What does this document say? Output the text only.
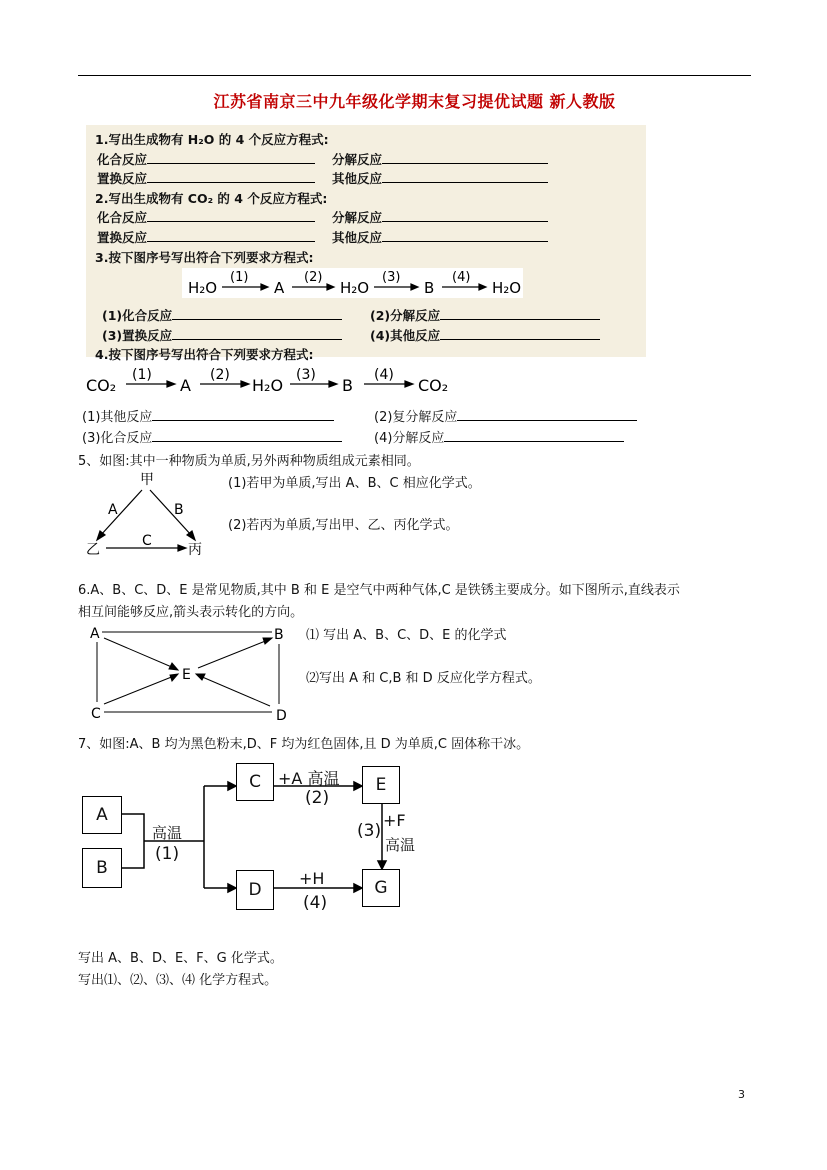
江苏省南京三中九年级化学期末复习提优试题 新人教版
1.写出生成物有 H₂O 的 4 个反应方程式:
化合反应	分解反应
置换反应	其他反应
2.写出生成物有 CO₂ 的 4 个反应方程式:
化合反应	分解反应
置换反应	其他反应
3.按下图序号写出符合下列要求方程式:
H₂O	A	H₂O	B	H₂O
(1)	(2)	(3)	(4)
(1)化合反应	(2)分解反应
(3)置换反应	(4)其他反应
4.按下图序号写出符合下列要求方程式:
CO₂	A	H₂O	B	CO₂
(1)	(2)	(3)	(4)
(1)其他反应	(2)复分解反应
(3)化合反应	(4)分解反应
5、如图:其中一种物质为单质,另外两种物质组成元素相同。
甲
乙	丙
A	B
C
(1)若甲为单质,写出 A、B、C 相应化学式。
(2)若丙为单质,写出甲、乙、丙化学式。
6.A、B、C、D、E 是常见物质,其中 B 和 E 是空气中两种气体,C 是铁锈主要成分。如下图所示,直线表示
相互间能够反应,箭头表示转化的方向。
A	B
C	D
E
⑴ 写出 A、B、C、D、E 的化学式
⑵写出 A 和 C,B 和 D 反应化学方程式。
7、如图:A、B 均为黑色粉末,D、F 均为红色固体,且 D 为单质,C 固体称干冰。
A
B
C
D
E
G
高温
(1)
+A 高温
(2)
+F
高温
(3)
+H
(4)
写出 A、B、D、E、F、G 化学式。
写出⑴、⑵、⑶、⑷ 化学方程式。
3
